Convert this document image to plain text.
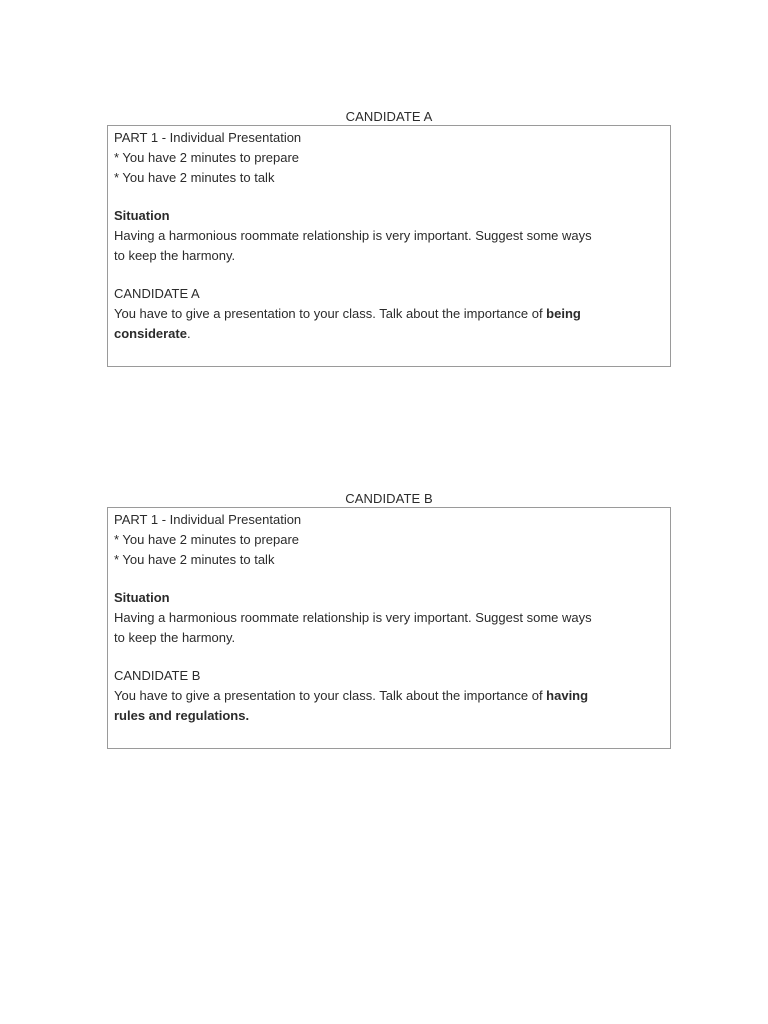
CANDIDATE A
PART 1 - Individual Presentation
* You have 2 minutes to prepare
* You have 2 minutes to talk
Situation
Having a harmonious roommate relationship is very important. Suggest some ways
to keep the harmony.
CANDIDATE A
You have to give a presentation to your class. Talk about the importance of being
considerate.
CANDIDATE B
PART 1 - Individual Presentation
* You have 2 minutes to prepare
* You have 2 minutes to talk
Situation
Having a harmonious roommate relationship is very important. Suggest some ways
to keep the harmony.
CANDIDATE B
You have to give a presentation to your class. Talk about the importance of having
rules and regulations.
